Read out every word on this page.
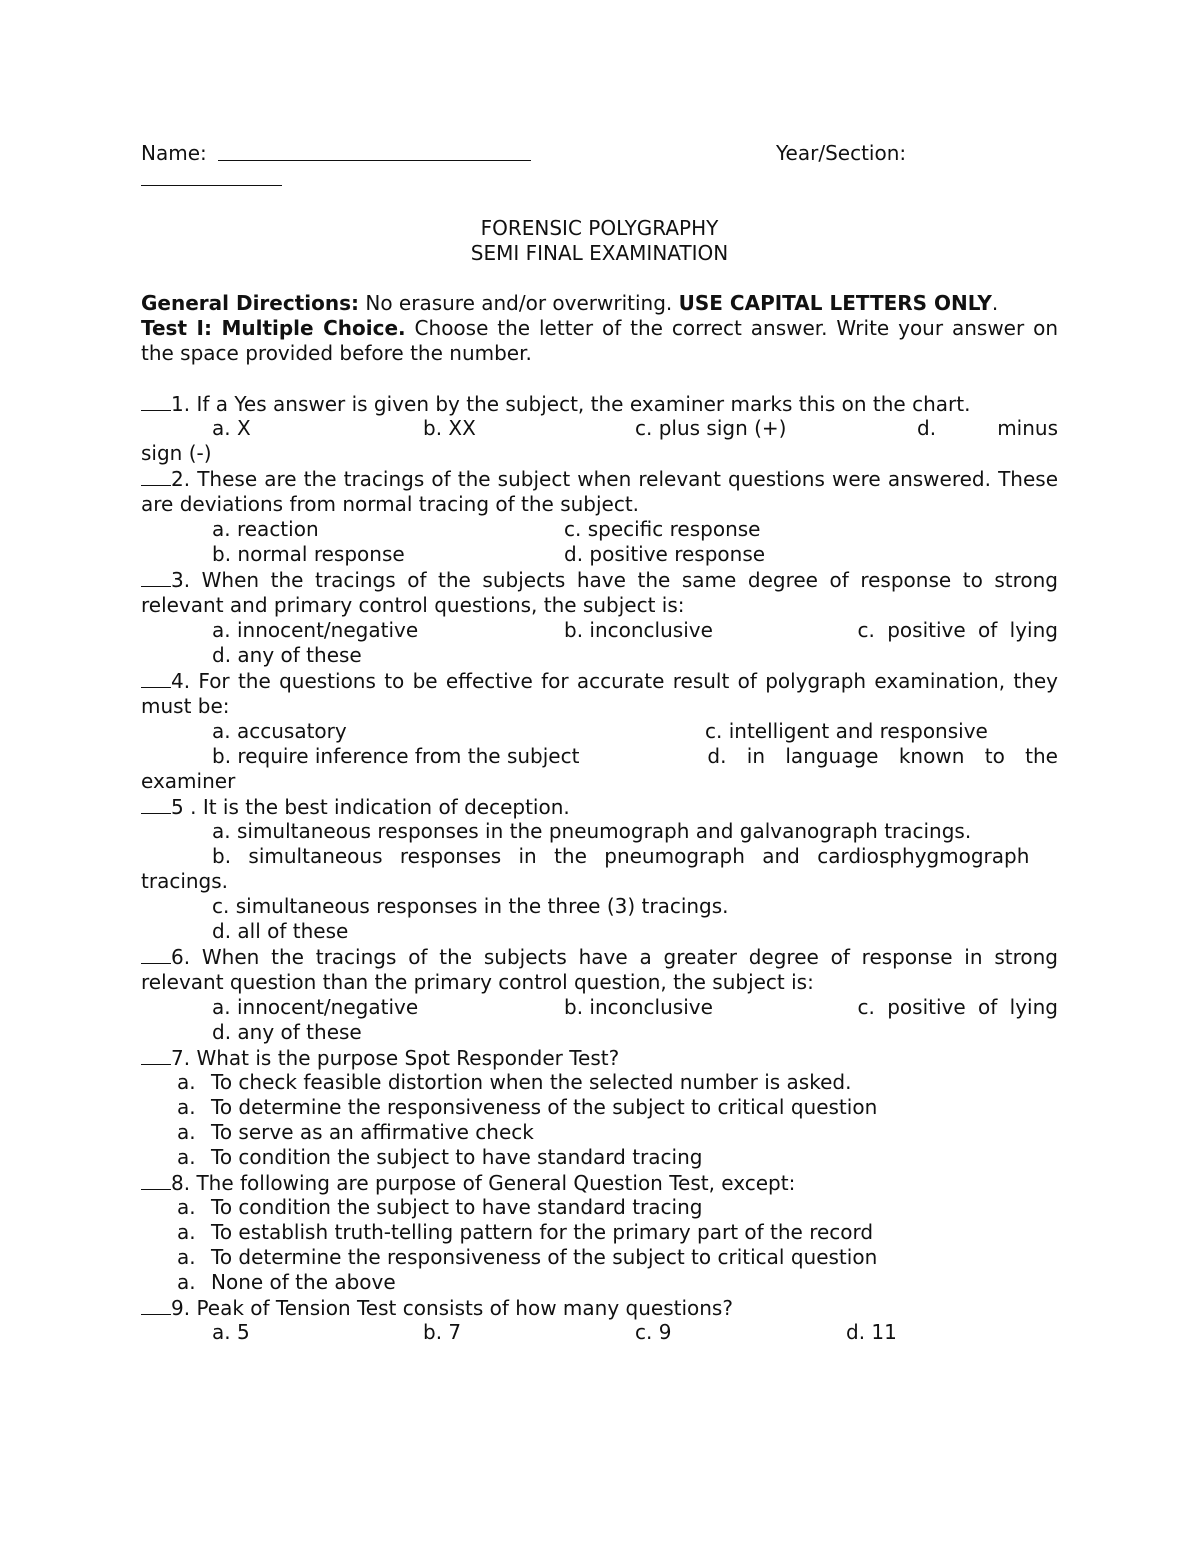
Name:	Year/Section:
FORENSIC POLYGRAPHY
SEMI FINAL EXAMINATION
General Directions: No erasure and/or overwriting. USE CAPITAL LETTERS ONLY.
Test I: Multiple Choice. Choose the letter of the correct answer. Write your answer on the space provided before the number.
1. If a Yes answer is given by the subject, the examiner marks this on the chart.
a. X	b. XX	c. plus sign (+)	d.	minus
sign (-)
2. These are the tracings of the subject when relevant questions were answered. These are deviations from normal tracing of the subject.
a. reaction	c. specific response
b. normal response	d. positive response
3. When the tracings of the subjects have the same degree of response to strong relevant and primary control questions, the subject is:
a. innocent/negative	b. inconclusive	c. positive of lying
d. any of these
4. For the questions to be effective for accurate result of polygraph examination, they must be:
a. accusatory	c. intelligent and responsive
b. require inference from the subject	d. in language known to the
examiner
5 . It is the best indication of deception.
a. simultaneous responses in the pneumograph and galvanograph tracings.
b. simultaneous responses in the pneumograph and cardiosphygmograph
tracings.
c. simultaneous responses in the three (3) tracings.
d. all of these
6. When the tracings of the subjects have a greater degree of response in strong relevant question than the primary control question, the subject is:
a. innocent/negative	b. inconclusive	c. positive of lying
d. any of these
7. What is the purpose Spot Responder Test?
a. To check feasible distortion when the selected number is asked.
a. To determine the responsiveness of the subject to critical question
a. To serve as an affirmative check
a. To condition the subject to have standard tracing
8. The following are purpose of General Question Test, except:
a. To condition the subject to have standard tracing
a. To establish truth-telling pattern for the primary part of the record
a. To determine the responsiveness of the subject to critical question
a. None of the above
9. Peak of Tension Test consists of how many questions?
a. 5	b. 7	c. 9	d. 11
